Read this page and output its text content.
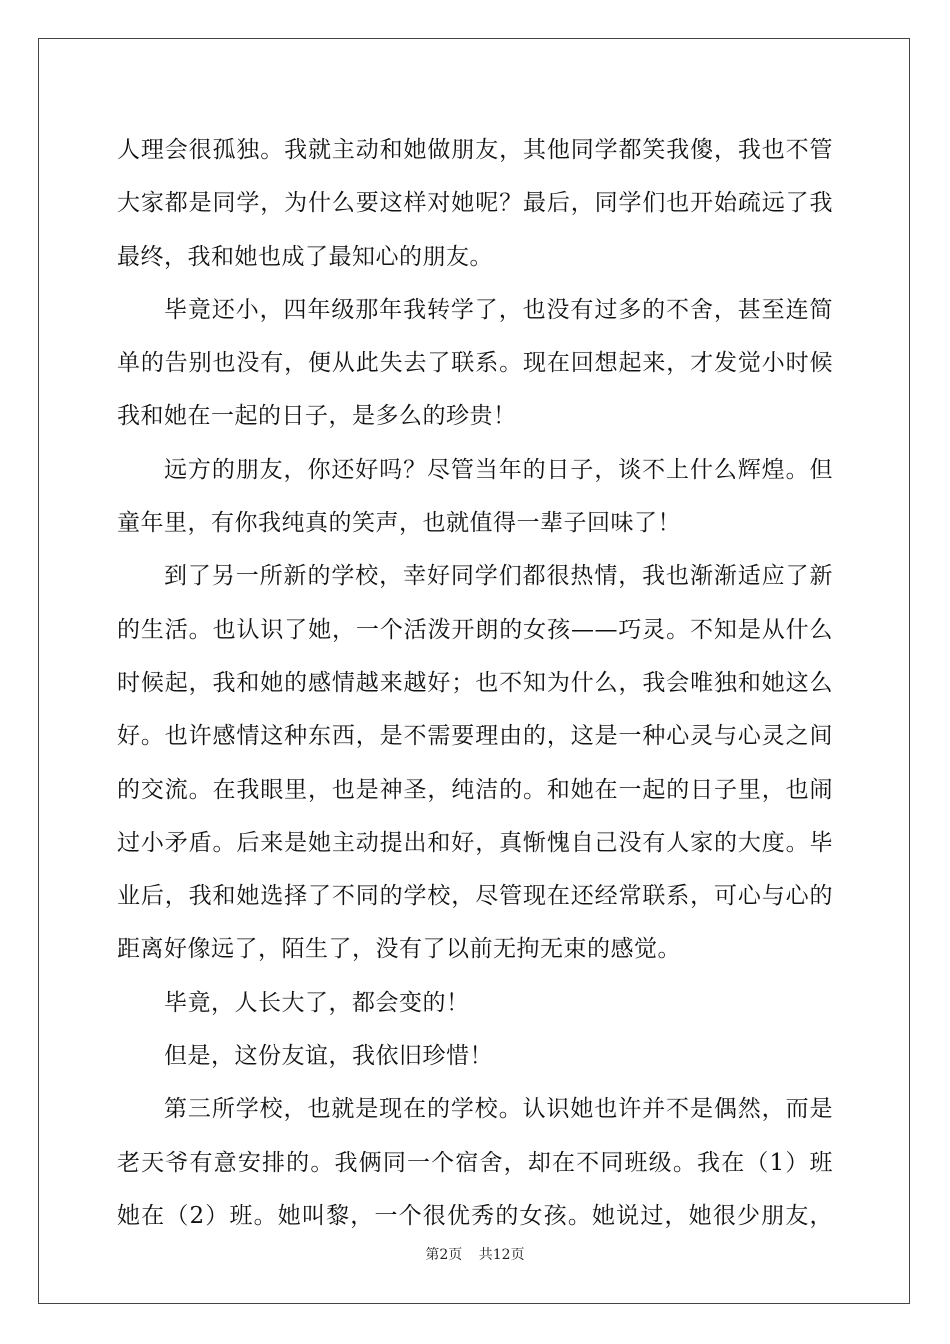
人理会很孤独。我就主动和她做朋友，其他同学都笑我傻，我也不管
大家都是同学，为什么要这样对她呢？最后，同学们也开始疏远了我
最终，我和她也成了最知心的朋友。
毕竟还小，四年级那年我转学了，也没有过多的不舍，甚至连简
单的告别也没有，便从此失去了联系。现在回想起来，才发觉小时候
我和她在一起的日子，是多么的珍贵！
远方的朋友，你还好吗？尽管当年的日子，谈不上什么辉煌。但
童年里，有你我纯真的笑声，也就值得一辈子回味了！
到了另一所新的学校，幸好同学们都很热情，我也渐渐适应了新
的生活。也认识了她，一个活泼开朗的女孩——巧灵。不知是从什么
时候起，我和她的感情越来越好；也不知为什么，我会唯独和她这么
好。也许感情这种东西，是不需要理由的，这是一种心灵与心灵之间
的交流。在我眼里，也是神圣，纯洁的。和她在一起的日子里，也闹
过小矛盾。后来是她主动提出和好，真惭愧自己没有人家的大度。毕
业后，我和她选择了不同的学校，尽管现在还经常联系，可心与心的
距离好像远了，陌生了，没有了以前无拘无束的感觉。
毕竟，人长大了，都会变的！
但是，这份友谊，我依旧珍惜！
第三所学校，也就是现在的学校。认识她也许并不是偶然，而是
老天爷有意安排的。我俩同一个宿舍，却在不同班级。我在（1）班
她在（2）班。她叫黎，一个很优秀的女孩。她说过，她很少朋友，
第2页 共12页
